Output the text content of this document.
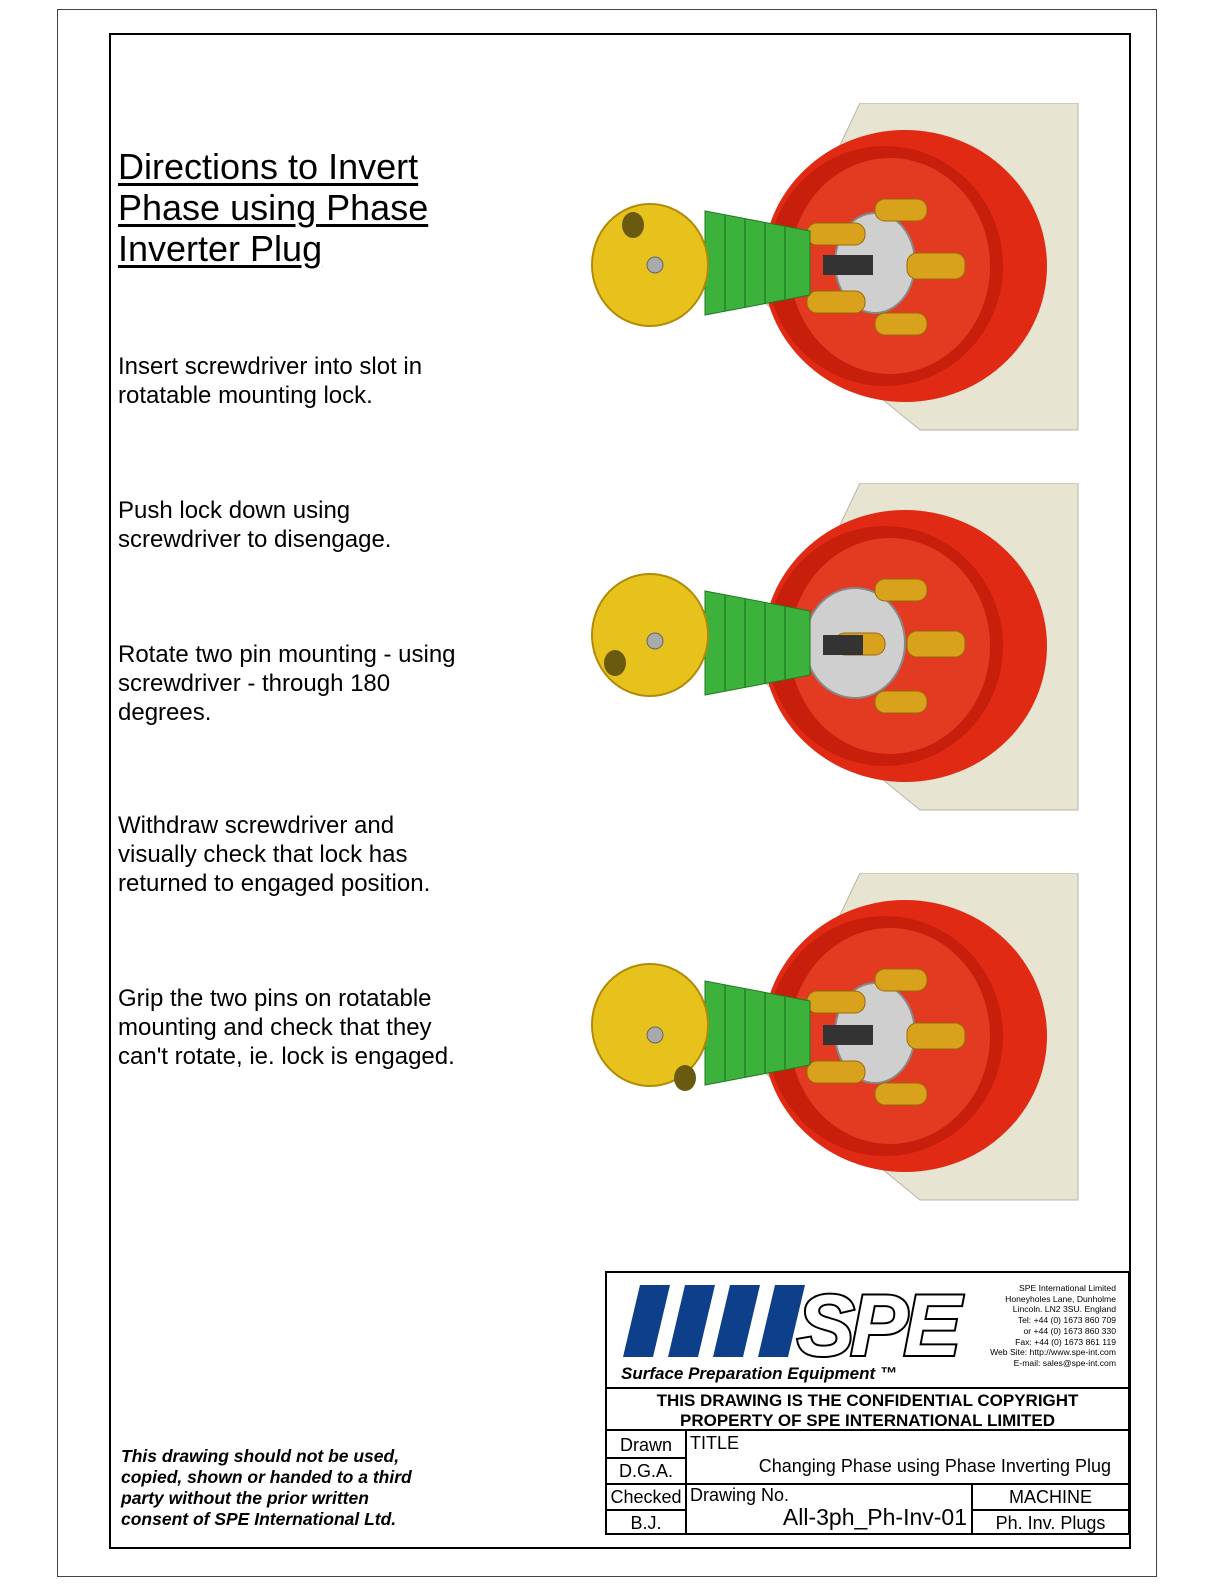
Directions to Invert
Phase using Phase
Inverter Plug
Insert screwdriver into slot in
rotatable mounting lock.
Push lock down using
screwdriver to disengage.
Rotate two pin mounting - using
screwdriver - through 180
degrees.
Withdraw screwdriver and
visually check that lock has
returned to engaged position.
Grip the two pins on rotatable
mounting and check that they
can't rotate, ie. lock is engaged.
This drawing should not be used,
copied, shown or handed to a third
party without the prior written
consent of SPE International Ltd.
SPE
Surface Preparation Equipment ™
SPE International Limited
Honeyholes Lane, Dunholme
Lincoln. LN2 3SU. England
Tel: +44 (0) 1673 860 709
or +44 (0) 1673 860 330
Fax: +44 (0) 1673 861 119
Web Site: http://www.spe-int.com
E-mail: sales@spe-int.com
THIS DRAWING IS THE CONFIDENTIAL COPYRIGHT
PROPERTY OF SPE INTERNATIONAL LIMITED
Drawn
D.G.A.
Checked
B.J.
TITLE
Changing Phase using Phase Inverting Plug
Drawing No.
All-3ph_Ph-Inv-01
MACHINE
Ph. Inv. Plugs
